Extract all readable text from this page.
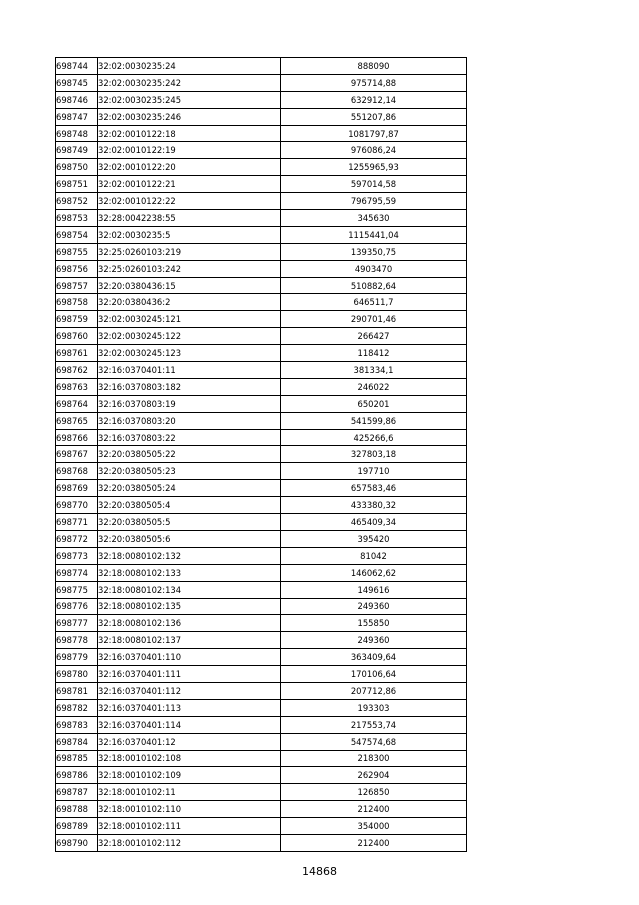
698744	32:02:0030235:24	888090
698745	32:02:0030235:242	975714,88
698746	32:02:0030235:245	632912,14
698747	32:02:0030235:246	551207,86
698748	32:02:0010122:18	1081797,87
698749	32:02:0010122:19	976086,24
698750	32:02:0010122:20	1255965,93
698751	32:02:0010122:21	597014,58
698752	32:02:0010122:22	796795,59
698753	32:28:0042238:55	345630
698754	32:02:0030235:5	1115441,04
698755	32:25:0260103:219	139350,75
698756	32:25:0260103:242	4903470
698757	32:20:0380436:15	510882,64
698758	32:20:0380436:2	646511,7
698759	32:02:0030245:121	290701,46
698760	32:02:0030245:122	266427
698761	32:02:0030245:123	118412
698762	32:16:0370401:11	381334,1
698763	32:16:0370803:182	246022
698764	32:16:0370803:19	650201
698765	32:16:0370803:20	541599,86
698766	32:16:0370803:22	425266,6
698767	32:20:0380505:22	327803,18
698768	32:20:0380505:23	197710
698769	32:20:0380505:24	657583,46
698770	32:20:0380505:4	433380,32
698771	32:20:0380505:5	465409,34
698772	32:20:0380505:6	395420
698773	32:18:0080102:132	81042
698774	32:18:0080102:133	146062,62
698775	32:18:0080102:134	149616
698776	32:18:0080102:135	249360
698777	32:18:0080102:136	155850
698778	32:18:0080102:137	249360
698779	32:16:0370401:110	363409,64
698780	32:16:0370401:111	170106,64
698781	32:16:0370401:112	207712,86
698782	32:16:0370401:113	193303
698783	32:16:0370401:114	217553,74
698784	32:16:0370401:12	547574,68
698785	32:18:0010102:108	218300
698786	32:18:0010102:109	262904
698787	32:18:0010102:11	126850
698788	32:18:0010102:110	212400
698789	32:18:0010102:111	354000
698790	32:18:0010102:112	212400
14868
